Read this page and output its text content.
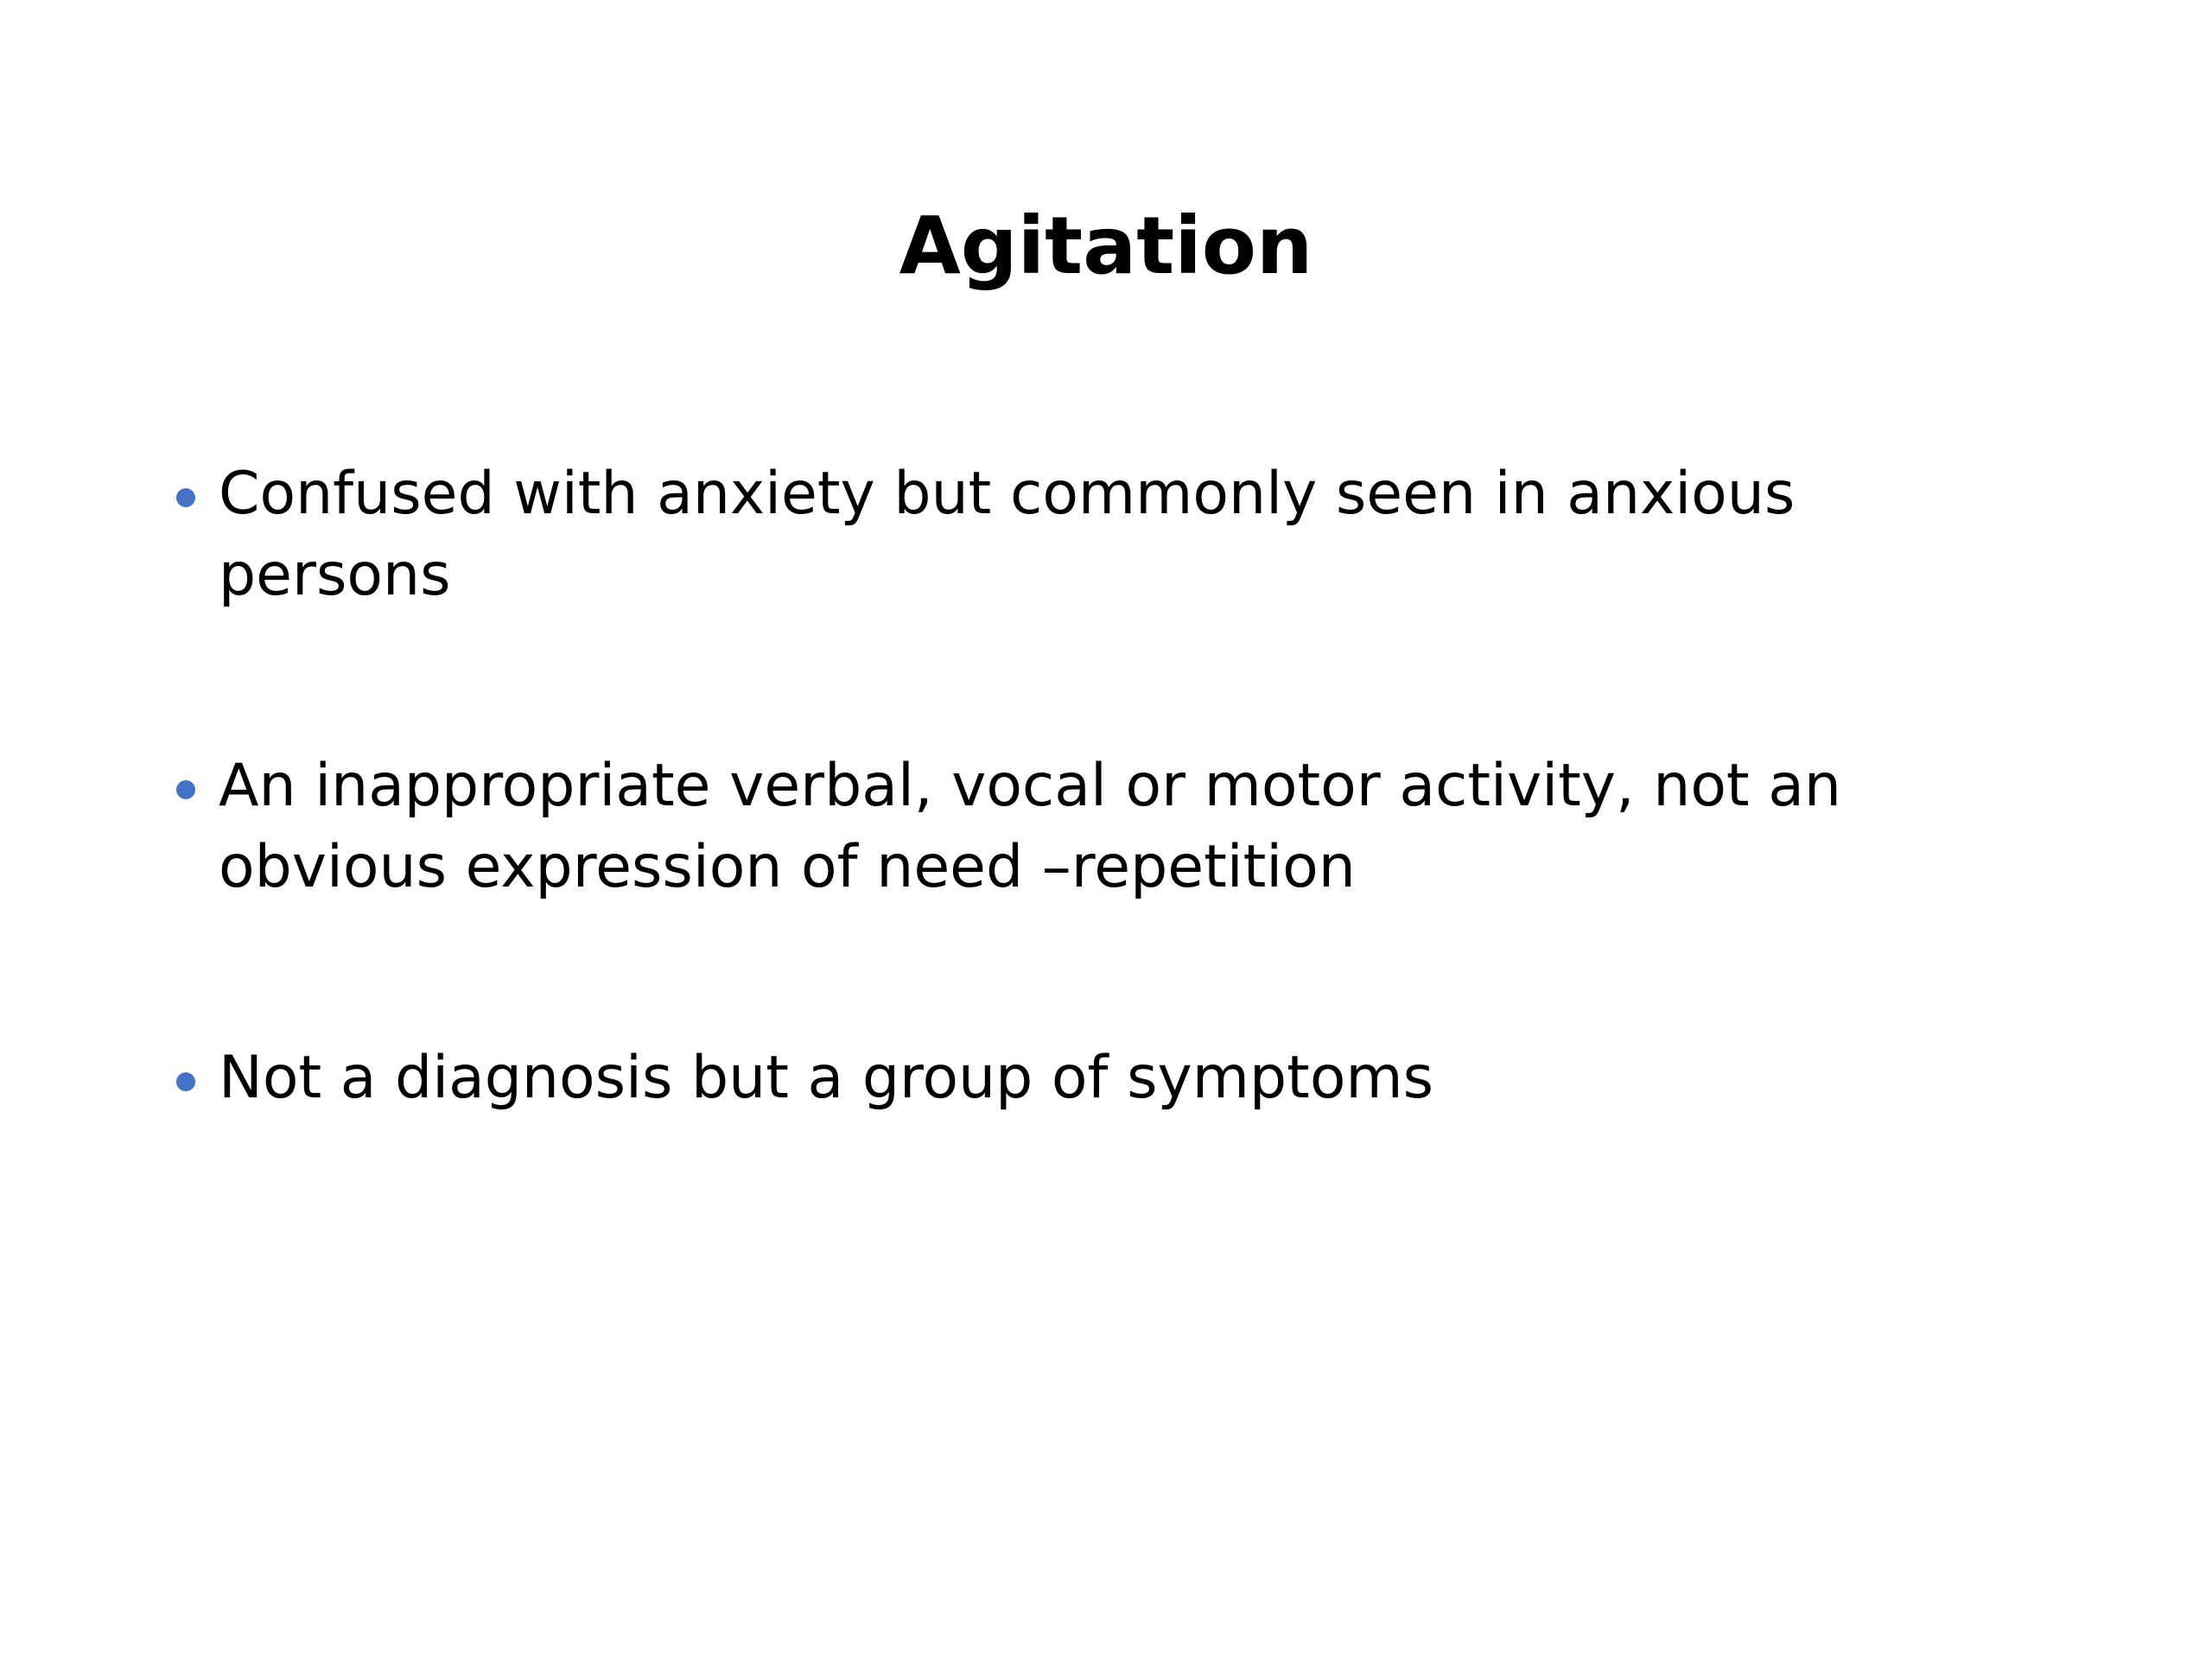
Agitation
Confused with anxiety but commonly seen in anxious persons
An inappropriate verbal, vocal or motor activity, not an obvious expression of need –repetition
Not a diagnosis but a group of symptoms
